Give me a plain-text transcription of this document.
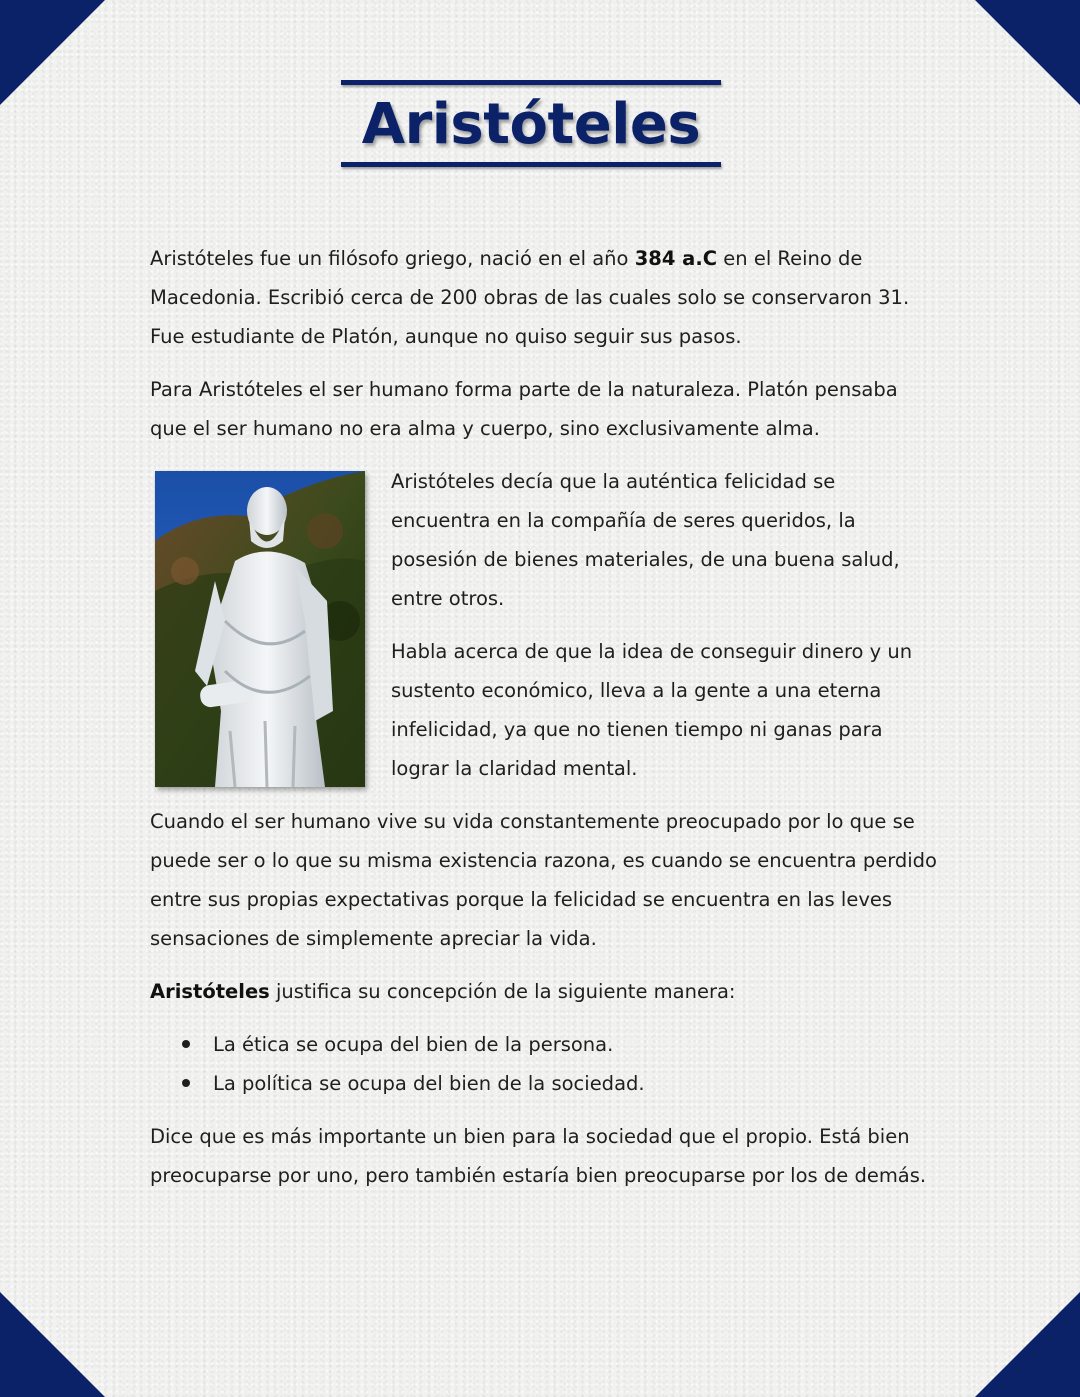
Aristóteles

Aristóteles fue un filósofo griego, nació en el año 384 a.C en el Reino de Macedonia. Escribió cerca de 200 obras de las cuales solo se conservaron 31. Fue estudiante de Platón, aunque no quiso seguir sus pasos.

Para Aristóteles el ser humano forma parte de la naturaleza. Platón pensaba que el ser humano no era alma y cuerpo, sino exclusivamente alma.

Aristóteles decía que la auténtica felicidad se encuentra en la compañía de seres queridos, la posesión de bienes materiales, de una buena salud, entre otros.

Habla acerca de que la idea de conseguir dinero y un sustento económico, lleva a la gente a una eterna infelicidad, ya que no tienen tiempo ni ganas para lograr la claridad mental.

Cuando el ser humano vive su vida constantemente preocupado por lo que se puede ser o lo que su misma existencia razona, es cuando se encuentra perdido entre sus propias expectativas porque la felicidad se encuentra en las leves sensaciones de simplemente apreciar la vida.

Aristóteles justifica su concepción de la siguiente manera:

La ética se ocupa del bien de la persona.
La política se ocupa del bien de la sociedad.

Dice que es más importante un bien para la sociedad que el propio. Está bien preocuparse por uno, pero también estaría bien preocuparse por los de demás.
